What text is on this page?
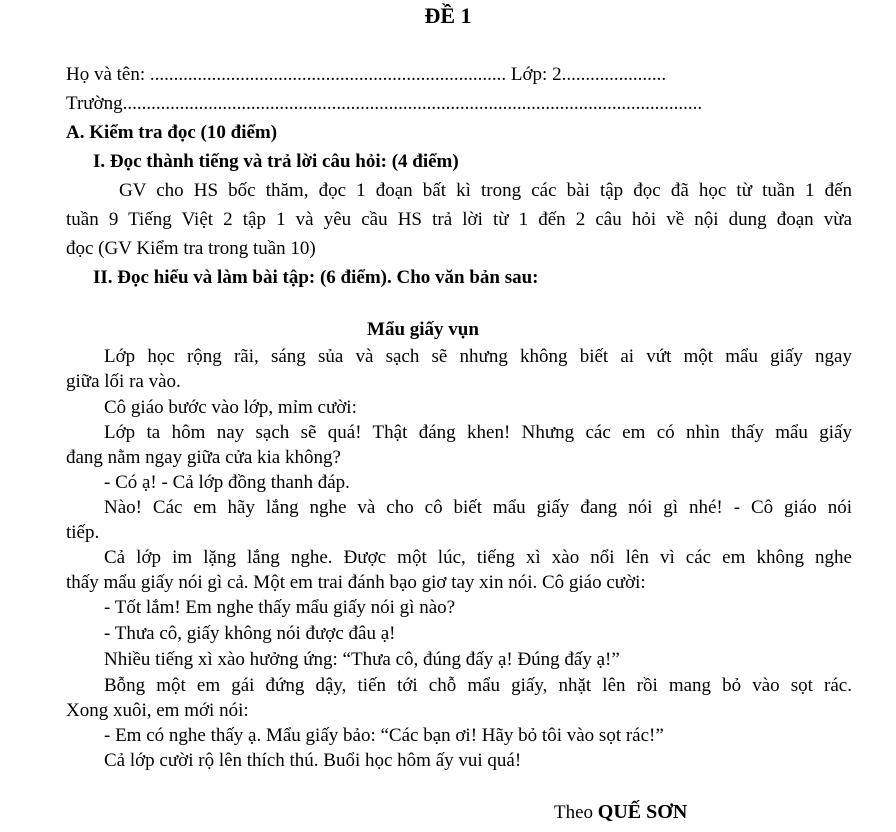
ĐỀ 1
Họ và tên: ........................................................................... Lớp: 2......................
Trường..........................................................................................................................
A. Kiểm tra đọc (10 điểm)
I. Đọc thành tiếng và trả lời câu hỏi: (4 điểm)
GV cho HS bốc thăm, đọc 1 đoạn bất kì trong các bài tập đọc đã học từ tuần 1 đến
tuần 9 Tiếng Việt 2 tập 1 và yêu cầu HS trả lời từ 1 đến 2 câu hỏi về nội dung đoạn vừa
đọc (GV Kiểm tra trong tuần 10)
II. Đọc hiểu và làm bài tập: (6 điểm). Cho văn bản sau:
Mẩu giấy vụn
Lớp học rộng rãi, sáng sủa và sạch sẽ nhưng không biết ai vứt một mẩu giấy ngay
giữa lối ra vào.
Cô giáo bước vào lớp, mỉm cười:
Lớp ta hôm nay sạch sẽ quá! Thật đáng khen! Nhưng các em có nhìn thấy mẩu giấy
đang nằm ngay giữa cửa kia không?
- Có ạ! - Cả lớp đồng thanh đáp.
Nào! Các em hãy lắng nghe và cho cô biết mẩu giấy đang nói gì nhé! - Cô giáo nói
tiếp.
Cả lớp im lặng lắng nghe. Được một lúc, tiếng xì xào nổi lên vì các em không nghe
thấy mẩu giấy nói gì cả. Một em trai đánh bạo giơ tay xin nói. Cô giáo cười:
- Tốt lắm! Em nghe thấy mẩu giấy nói gì nào?
- Thưa cô, giấy không nói được đâu ạ!
Nhiều tiếng xì xào hưởng ứng: “Thưa cô, đúng đấy ạ! Đúng đấy ạ!”
Bỗng một em gái đứng dậy, tiến tới chỗ mẩu giấy, nhặt lên rồi mang bỏ vào sọt rác.
Xong xuôi, em mới nói:
- Em có nghe thấy ạ. Mẩu giấy bảo: “Các bạn ơi! Hãy bỏ tôi vào sọt rác!”
Cả lớp cười rộ lên thích thú. Buổi học hôm ấy vui quá!
Theo QUẾ SƠN
